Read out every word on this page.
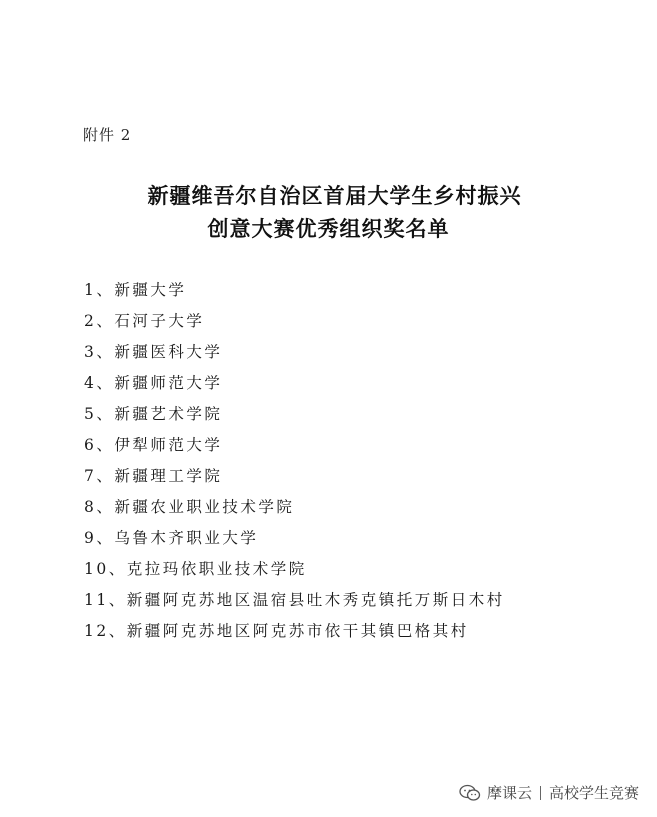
附件 2
新疆维吾尔自治区首届大学生乡村振兴
创意大赛优秀组织奖名单
1、新疆大学
2、石河子大学
3、新疆医科大学
4、新疆师范大学
5、新疆艺术学院
6、伊犁师范大学
7、新疆理工学院
8、新疆农业职业技术学院
9、乌鲁木齐职业大学
10、克拉玛依职业技术学院
11、新疆阿克苏地区温宿县吐木秀克镇托万斯日木村
12、新疆阿克苏地区阿克苏市依干其镇巴格其村
摩课云 高校学生竞赛
